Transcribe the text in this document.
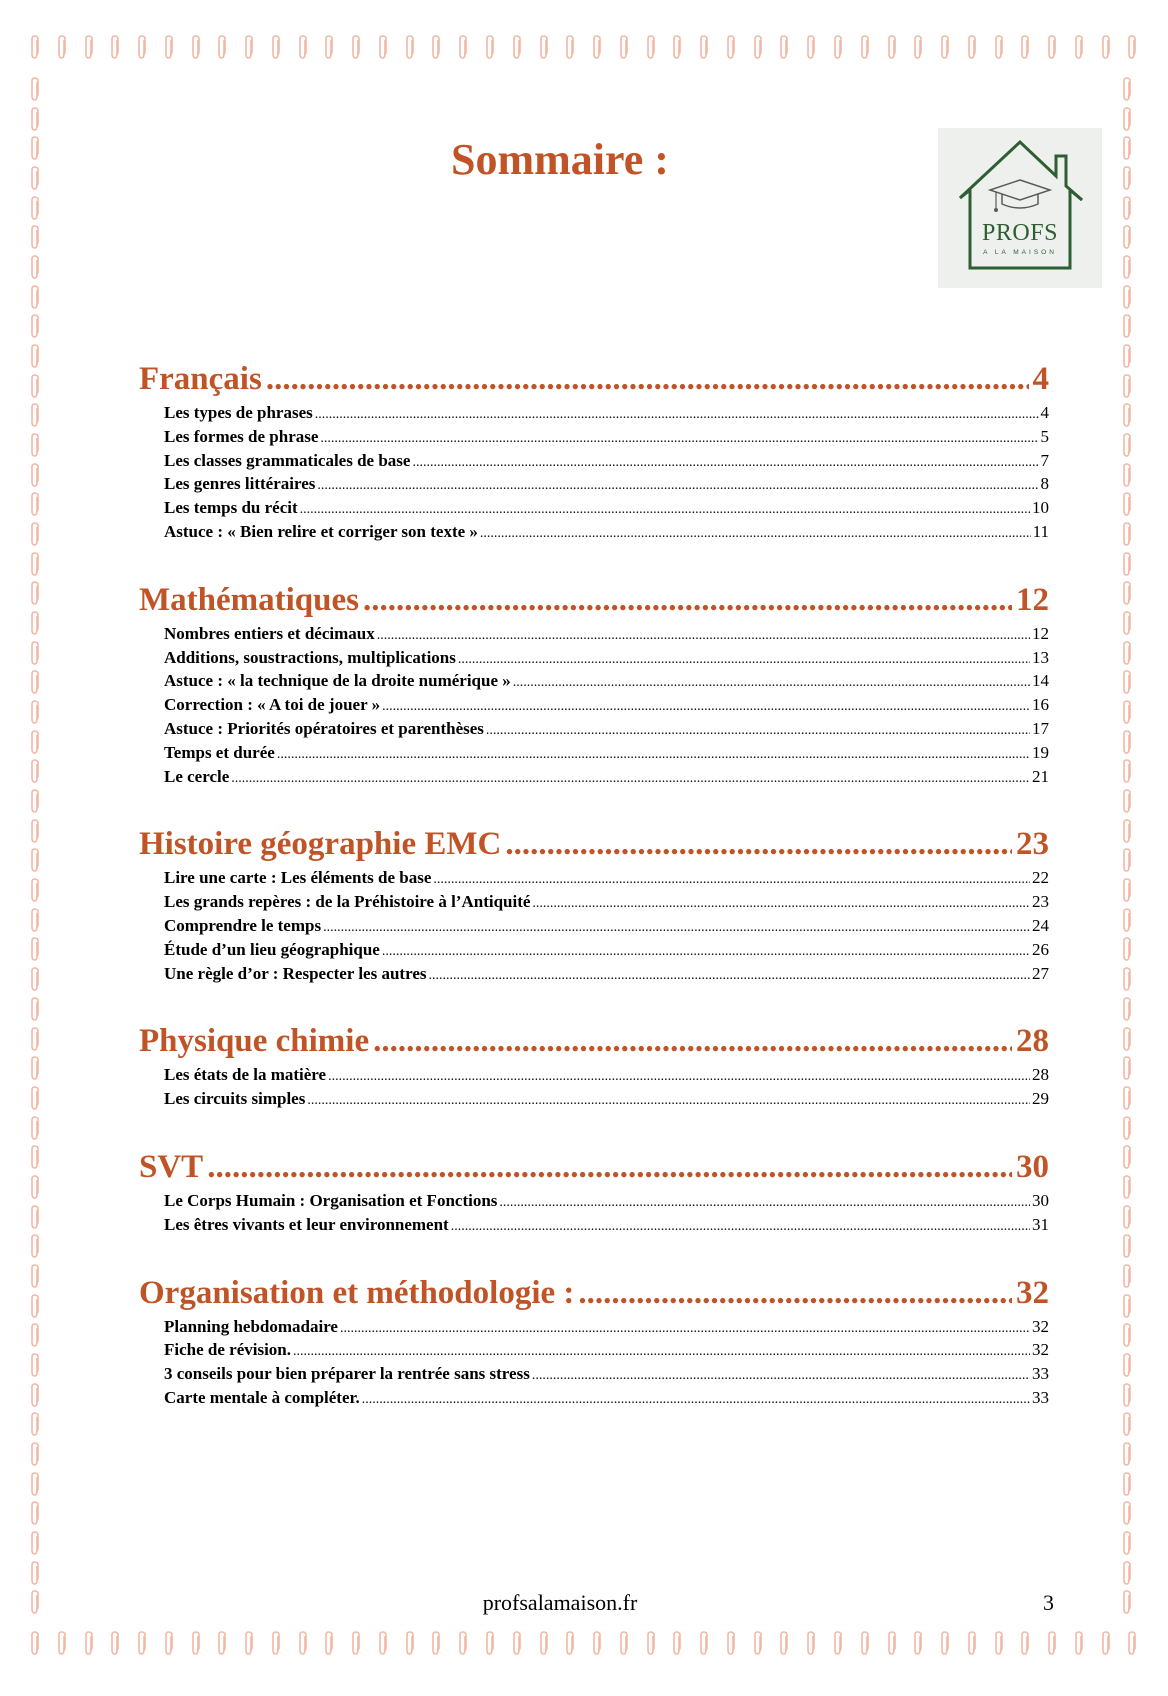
Sommaire :
PROFS
A LA MAISON
Français .....	4
Les types de phrases .....	4
Les formes de phrase .....	5
Les classes grammaticales de base .....	7
Les genres littéraires .....	8
Les temps du récit .....	10
Astuce : « Bien relire et corriger son texte » .....	11
Mathématiques .....	12
Nombres entiers et décimaux .....	12
Additions, soustractions, multiplications .....	13
Astuce : « la technique de la droite numérique » .....	14
Correction : « A toi de jouer » .....	16
Astuce : Priorités opératoires et parenthèses .....	17
Temps et durée .....	19
Le cercle .....	21
Histoire géographie EMC .....	23
Lire une carte : Les éléments de base .....	22
Les grands repères : de la Préhistoire à l’Antiquité .....	23
Comprendre le temps .....	24
Étude d’un lieu géographique .....	26
Une règle d’or : Respecter les autres .....	27
Physique chimie .....	28
Les états de la matière .....	28
Les circuits simples .....	29
SVT .....	30
Le Corps Humain : Organisation et Fonctions .....	30
Les êtres vivants et leur environnement .....	31
Organisation et méthodologie : .....	32
Planning hebdomadaire .....	32
Fiche de révision. .....	32
3 conseils pour bien préparer la rentrée sans stress .....	33
Carte mentale à compléter. .....	33
profsalamaison.fr	3
